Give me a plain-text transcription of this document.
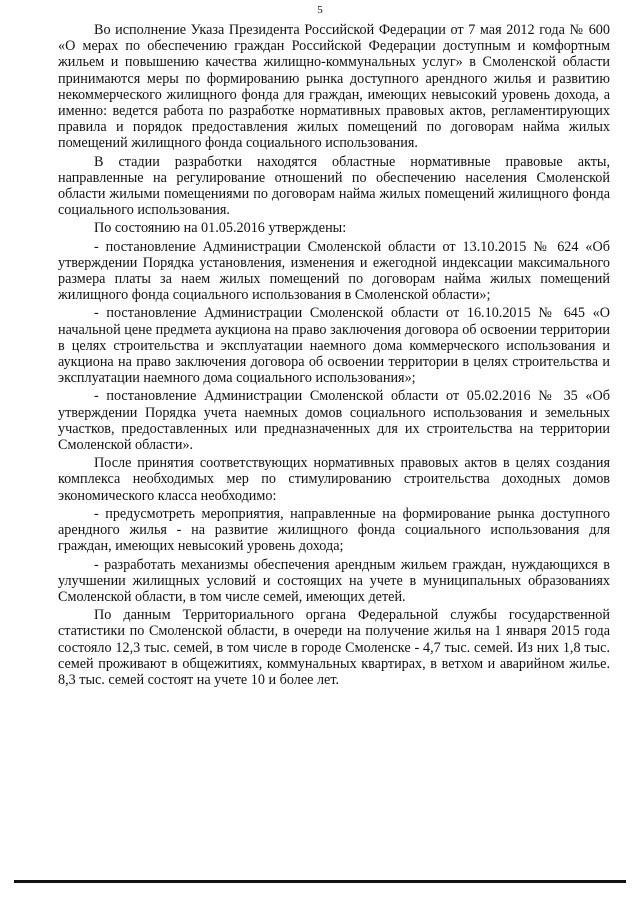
5

Во исполнение Указа Президента Российской Федерации от 7 мая 2012 года № 600 «О мерах по обеспечению граждан Российской Федерации доступным и комфортным жильем и повышению качества жилищно-коммунальных услуг» в Смоленской области принимаются меры по формированию рынка доступного арендного жилья и развитию некоммерческого жилищного фонда для граждан, имеющих невысокий уровень дохода, а именно: ведется работа по разработке нормативных правовых актов, регламентирующих правила и порядок предоставления жилых помещений по договорам найма жилых помещений жилищного фонда социального использования.

В стадии разработки находятся областные нормативные правовые акты, направленные на регулирование отношений по обеспечению населения Смоленской области жилыми помещениями по договорам найма жилых помещений жилищного фонда социального использования.

По состоянию на 01.05.2016 утверждены:

- постановление Администрации Смоленской области от 13.10.2015 № 624 «Об утверждении Порядка установления, изменения и ежегодной индексации максимального размера платы за наем жилых помещений по договорам найма жилых помещений жилищного фонда социального использования в Смоленской области»;

- постановление Администрации Смоленской области от 16.10.2015 № 645 «О начальной цене предмета аукциона на право заключения договора об освоении территории в целях строительства и эксплуатации наемного дома коммерческого использования и аукциона на право заключения договора об освоении территории в целях строительства и эксплуатации наемного дома социального использования»;

- постановление Администрации Смоленской области от 05.02.2016 № 35 «Об утверждении Порядка учета наемных домов социального использования и земельных участков, предоставленных или предназначенных для их строительства на территории Смоленской области».

После принятия соответствующих нормативных правовых актов в целях создания комплекса необходимых мер по стимулированию строительства доходных домов экономического класса необходимо:

- предусмотреть мероприятия, направленные на формирование рынка доступного арендного жилья - на развитие жилищного фонда социального использования для граждан, имеющих невысокий уровень дохода;

- разработать механизмы обеспечения арендным жильем граждан, нуждающихся в улучшении жилищных условий и состоящих на учете в муниципальных образованиях Смоленской области, в том числе семей, имеющих детей.

По данным Территориального органа Федеральной службы государственной статистики по Смоленской области, в очереди на получение жилья на 1 января 2015 года состояло 12,3 тыс. семей, в том числе в городе Смоленске - 4,7 тыс. семей. Из них 1,8 тыс. семей проживают в общежитиях, коммунальных квартирах, в ветхом и аварийном жилье. 8,3 тыс. семей состоят на учете 10 и более лет.
